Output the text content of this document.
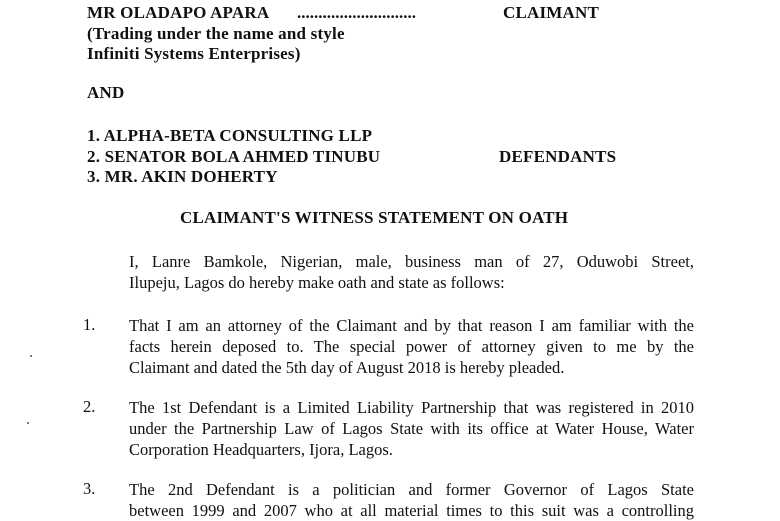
MR OLADAPO APARA ............................	CLAIMANT
(Trading under the name and style
Infiniti Systems Enterprises)
AND
1. ALPHA-BETA CONSULTING LLP
2. SENATOR BOLA AHMED TINUBU
3. MR. AKIN DOHERTY
DEFENDANTS
CLAIMANT'S WITNESS STATEMENT ON OATH
I, Lanre Bamkole, Nigerian, male, business man of 27, Oduwobi Street,
Ilupeju, Lagos do hereby make oath and state as follows:
1. That I am an attorney of the Claimant and by that reason I am familiar with the
facts herein deposed to. The special power of attorney given to me by the
Claimant and dated the 5th day of August 2018 is hereby pleaded.
2. The 1st Defendant is a Limited Liability Partnership that was registered in 2010
under the Partnership Law of Lagos State with its office at Water House, Water
Corporation Headquarters, Ijora, Lagos.
3. The 2nd Defendant is a politician and former Governor of Lagos State
between 1999 and 2007 who at all material times to this suit was a controlling
